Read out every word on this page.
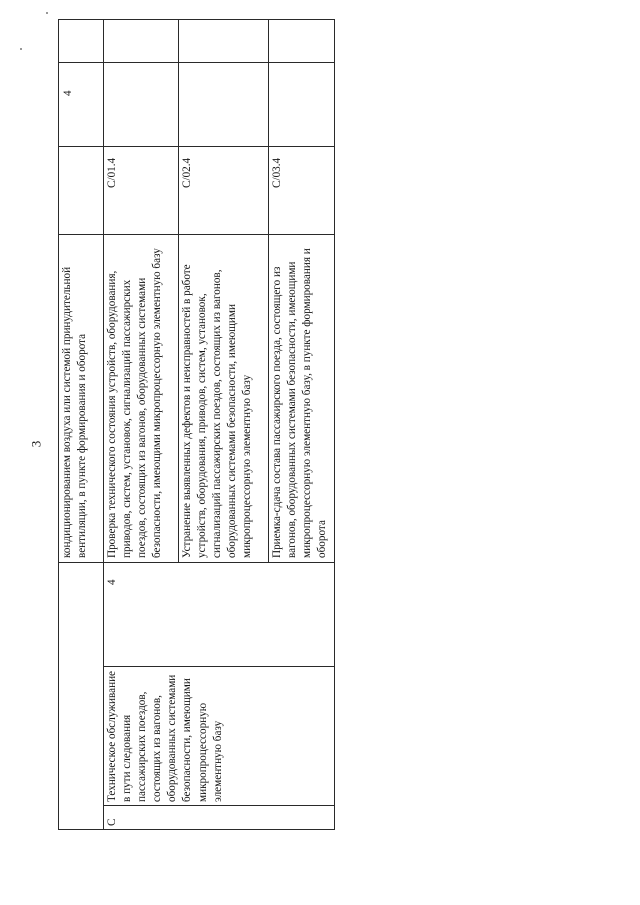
3 кондиционированием воздуха или системой принудительной вентиляции, в пункте формирования и оборота
4
C
Техническое обслуживание в пути следования пассажирских поездов, состоящих из вагонов, оборудованных системами безопасности, имеющими микропроцессорную элементную базу
4
Проверка технического состояния устройств, оборудования, приводов, систем, установок, сигнализаций пассажирских поездов, состоящих из вагонов, оборудованных системами безопасности, имеющими микропроцессорную элементную базу
C/01.4
Устранение выявленных дефектов и неисправностей в работе устройств, оборудования, приводов, систем, установок, сигнализаций пассажирских поездов, состоящих из вагонов, оборудованных системами безопасности, имеющими микропроцессорную элементную базу
C/02.4
Приемка-сдача состава пассажирского поезда, состоящего из вагонов, оборудованных системами безопасности, имеющими микропроцессорную элементную базу, в пункте формирования и оборота
C/03.4
